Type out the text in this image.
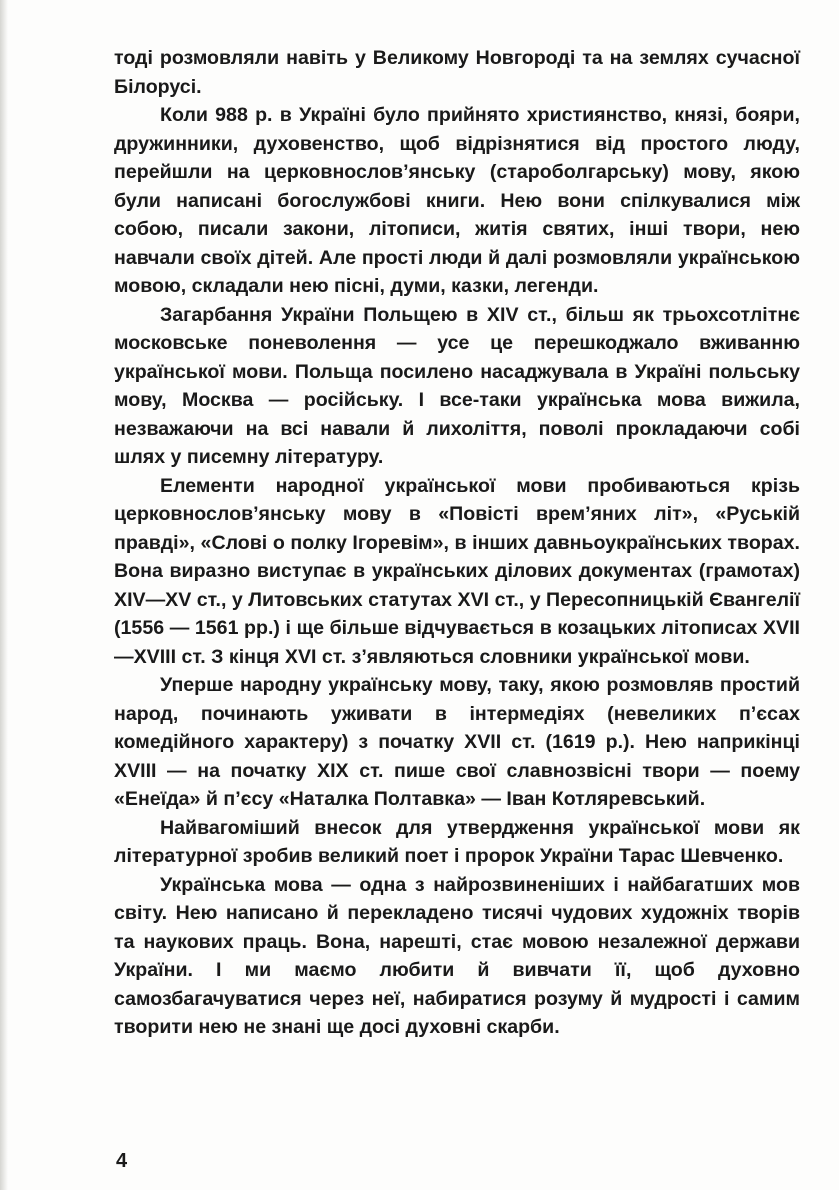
тоді розмовляли навіть у Великому Новгороді та на землях сучасної Білорусі.

Коли 988 р. в Україні було прийнято християнство, князі, бояри, дружинники, духовенство, щоб відрізнятися від простого люду, перейшли на церковнослов’янську (староболгарську) мову, якою були написані богослужбові книги. Нею вони спілкувалися між собою, писали закони, літописи, житія святих, інші твори, нею навчали своїх дітей. Але прості люди й далі розмовляли українською мовою, складали нею пісні, думи, казки, легенди.

Загарбання України Польщею в XIV ст., більш як трьохсотлітнє московське поневолення — усе це перешкоджало вживанню української мови. Польща посилено насаджувала в Україні польську мову, Москва — російську. І все-таки українська мова вижила, незважаючи на всі навали й лихоліття, поволі прокладаючи собі шлях у писемну літературу.

Елементи народної української мови пробиваються крізь церковнослов’янську мову в «Повісті врем’яних літ», «Руській правді», «Слові о полку Ігоревім», в інших давньоукраїнських творах. Вона виразно виступає в українських ділових документах (грамотах) XIV—XV ст., у Литовських статутах XVI ст., у Пересопницькій Євангелії (1556 — 1561 рр.) і ще більше відчувається в козацьких літописах XVII—XVIII ст. З кінця XVI ст. з’являються словники української мови.

Уперше народну українську мову, таку, якою розмовляв простий народ, починають уживати в інтермедіях (невеликих п’єсах комедійного характеру) з початку XVII ст. (1619 р.). Нею наприкінці XVIII — на початку XIX ст. пише свої славнозвісні твори — поему «Енеїда» й п’єсу «Наталка Полтавка» — Іван Котляревський.

Найвагоміший внесок для утвердження української мови як літературної зробив великий поет і пророк України Тарас Шевченко.

Українська мова — одна з найрозвиненіших і найбагатших мов світу. Нею написано й перекладено тисячі чудових художніх творів та наукових праць. Вона, нарешті, стає мовою незалежної держави України. І ми маємо любити й вивчати її, щоб духовно самозбагачуватися через неї, набиратися розуму й мудрості і самим творити нею не знані ще досі духовні скарби.

4
